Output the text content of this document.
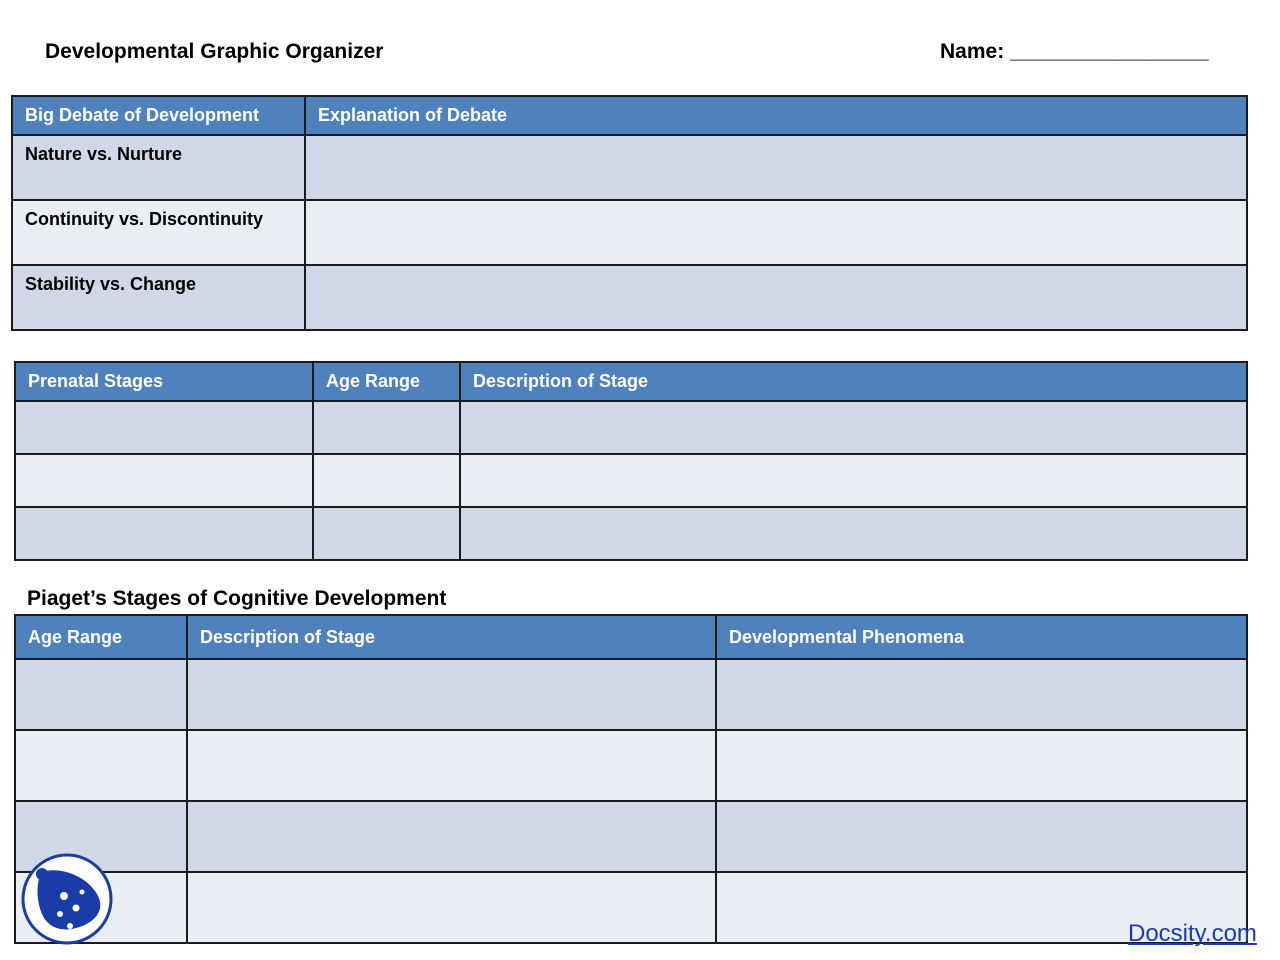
Developmental Graphic Organizer	Name: _________________
Big Debate of Development	Explanation of Debate
Nature vs. Nurture	
Continuity vs. Discontinuity	
Stability vs. Change	
Prenatal Stages	Age Range	Description of Stage

Piaget’s Stages of Cognitive Development
Age Range	Description of Stage	Developmental Phenomena

Docsity.com
